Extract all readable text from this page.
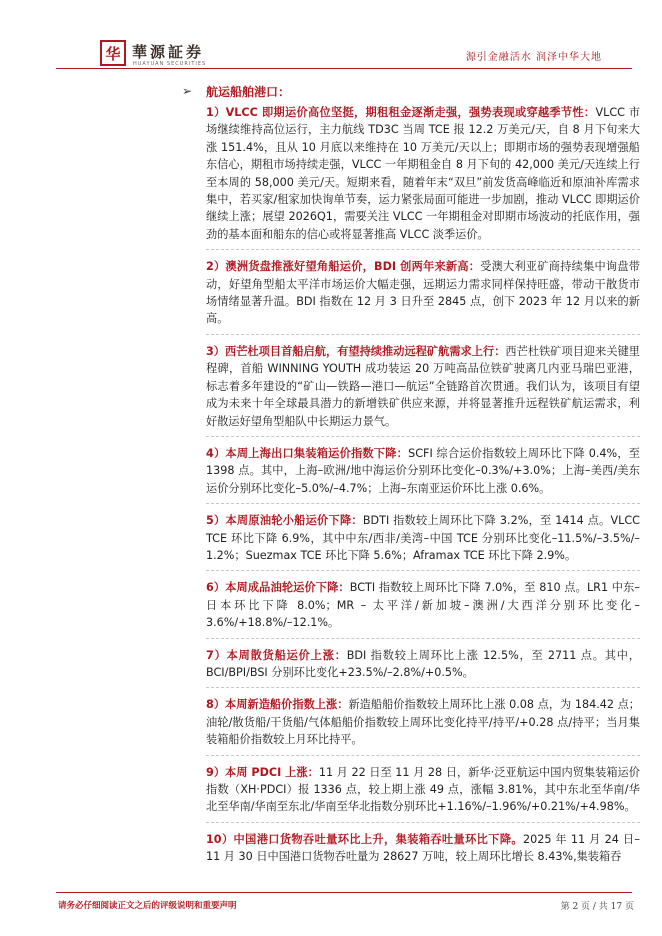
华 華源証券
HUAYUAN SECURITIES
源引金融活水 润泽中华大地
➢	航运船舶港口：

1）VLCC 即期运价高位坚挺，期租租金逐渐走强，强势表现或穿越季节性：VLCC 市场继续维持高位运行，主力航线 TD3C 当周 TCE 报 12.2 万美元/天，自 8 月下旬来大涨 151.4%，且从 10 月底以来维持在 10 万美元/天以上；即期市场的强势表现增强船东信心，期租市场持续走强，VLCC 一年期租金自 8 月下旬的 42,000 美元/天连续上行至本周的 58,000 美元/天。短期来看，随着年末“双旦”前发货高峰临近和原油补库需求集中，若买家/租家加快询单节奏，运力紧张局面可能进一步加剧，推动 VLCC 即期运价继续上涨；展望 2026Q1，需要关注 VLCC 一年期租金对即期市场波动的托底作用，强劲的基本面和船东的信心或将显著推高 VLCC 淡季运价。

2）澳洲货盘推涨好望角船运价，BDI 创两年来新高：受澳大利亚矿商持续集中询盘带动，好望角型船太平洋市场运价大幅走强，远期运力需求同样保持旺盛，带动干散货市场情绪显著升温。BDI 指数在 12 月 3 日升至 2845 点，创下 2023 年 12 月以来的新高。

3）西芒杜项目首船启航，有望持续推动远程矿航需求上行：西芒杜铁矿项目迎来关键里程碑，首船 WINNING YOUTH 成功装运 20 万吨高品位铁矿驶离几内亚马瑞巴亚港，标志着多年建设的“矿山—铁路—港口—航运”全链路首次贯通。我们认为，该项目有望成为未来十年全球最具潜力的新增铁矿供应来源，并将显著推升远程铁矿航运需求，利好散运好望角型船队中长期运力景气。

4）本周上海出口集装箱运价指数下降：SCFI 综合运价指数较上周环比下降 0.4%，至 1398 点。其中，上海–欧洲/地中海运价分别环比变化–0.3%/+3.0%；上海–美西/美东运价分别环比变化–5.0%/–4.7%；上海–东南亚运价环比上涨 0.6%。

5）本周原油轮小船运价下降：BDTI 指数较上周环比下降 3.2%，至 1414 点。VLCC TCE 环比下降 6.9%，其中中东/西非/美湾–中国 TCE 分别环比变化–11.5%/–3.5%/–1.2%；Suezmax TCE 环比下降 5.6%；Aframax TCE 环比下降 2.9%。

6）本周成品油轮运价下降：BCTI 指数较上周环比下降 7.0%，至 810 点。LR1 中东–日本环比下降 8.0%；MR – 太平洋/新加坡–澳洲/大西洋分别环比变化–3.6%/+18.8%/–12.1%。

7）本周散货船运价上涨：BDI 指数较上周环比上涨 12.5%，至 2711 点。其中，BCI/BPI/BSI 分别环比变化+23.5%/–2.8%/+0.5%。

8）本周新造船价指数上涨：新造船船价指数较上周环比上涨 0.08 点，为 184.42 点；油轮/散货船/干货船/气体船船价指数较上周环比变化持平/持平/+0.28 点/持平；当月集装箱船价指数较上月环比持平。

9）本周 PDCI 上涨：11 月 22 日至 11 月 28 日，新华·泛亚航运中国内贸集装箱运价指数（XH·PDCI）报 1336 点，较上期上涨 49 点，涨幅 3.81%，其中东北至华南/华北至华南/华南至东北/华南至华北指数分别环比+1.16%/–1.96%/+0.21%/+4.98%。

10）中国港口货物吞吐量环比上升，集装箱吞吐量环比下降。2025 年 11 月 24 日–11 月 30 日中国港口货物吞吐量为 28627 万吨，较上周环比增长 8.43%,集装箱吞

请务必仔细阅读正文之后的评级说明和重要声明	第 2 页 / 共 17 页
